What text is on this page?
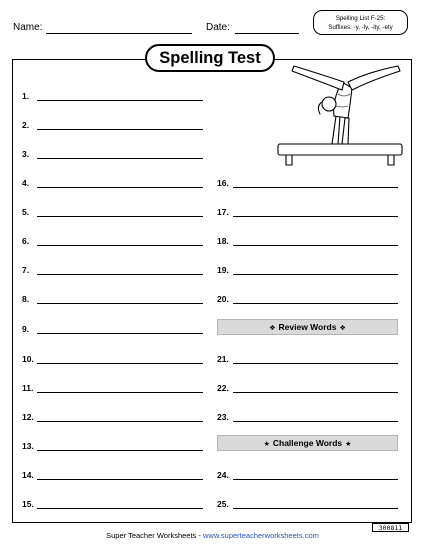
Name:	Date:
Spelling List F-25:
Suffixes: -y, -ly, -ity, -ety
Spelling Test
1.
2.
3.
4.
5.
6.
7.
8.
9.
10.
11.
12.
13.
14.
15.
16.
17.
18.
19.
20.
21.
22.
23.
24.
25.
❖ Review Words ❖
★ Challenge Words ★
Super Teacher Worksheets - www.superteacherworksheets.com
300811
